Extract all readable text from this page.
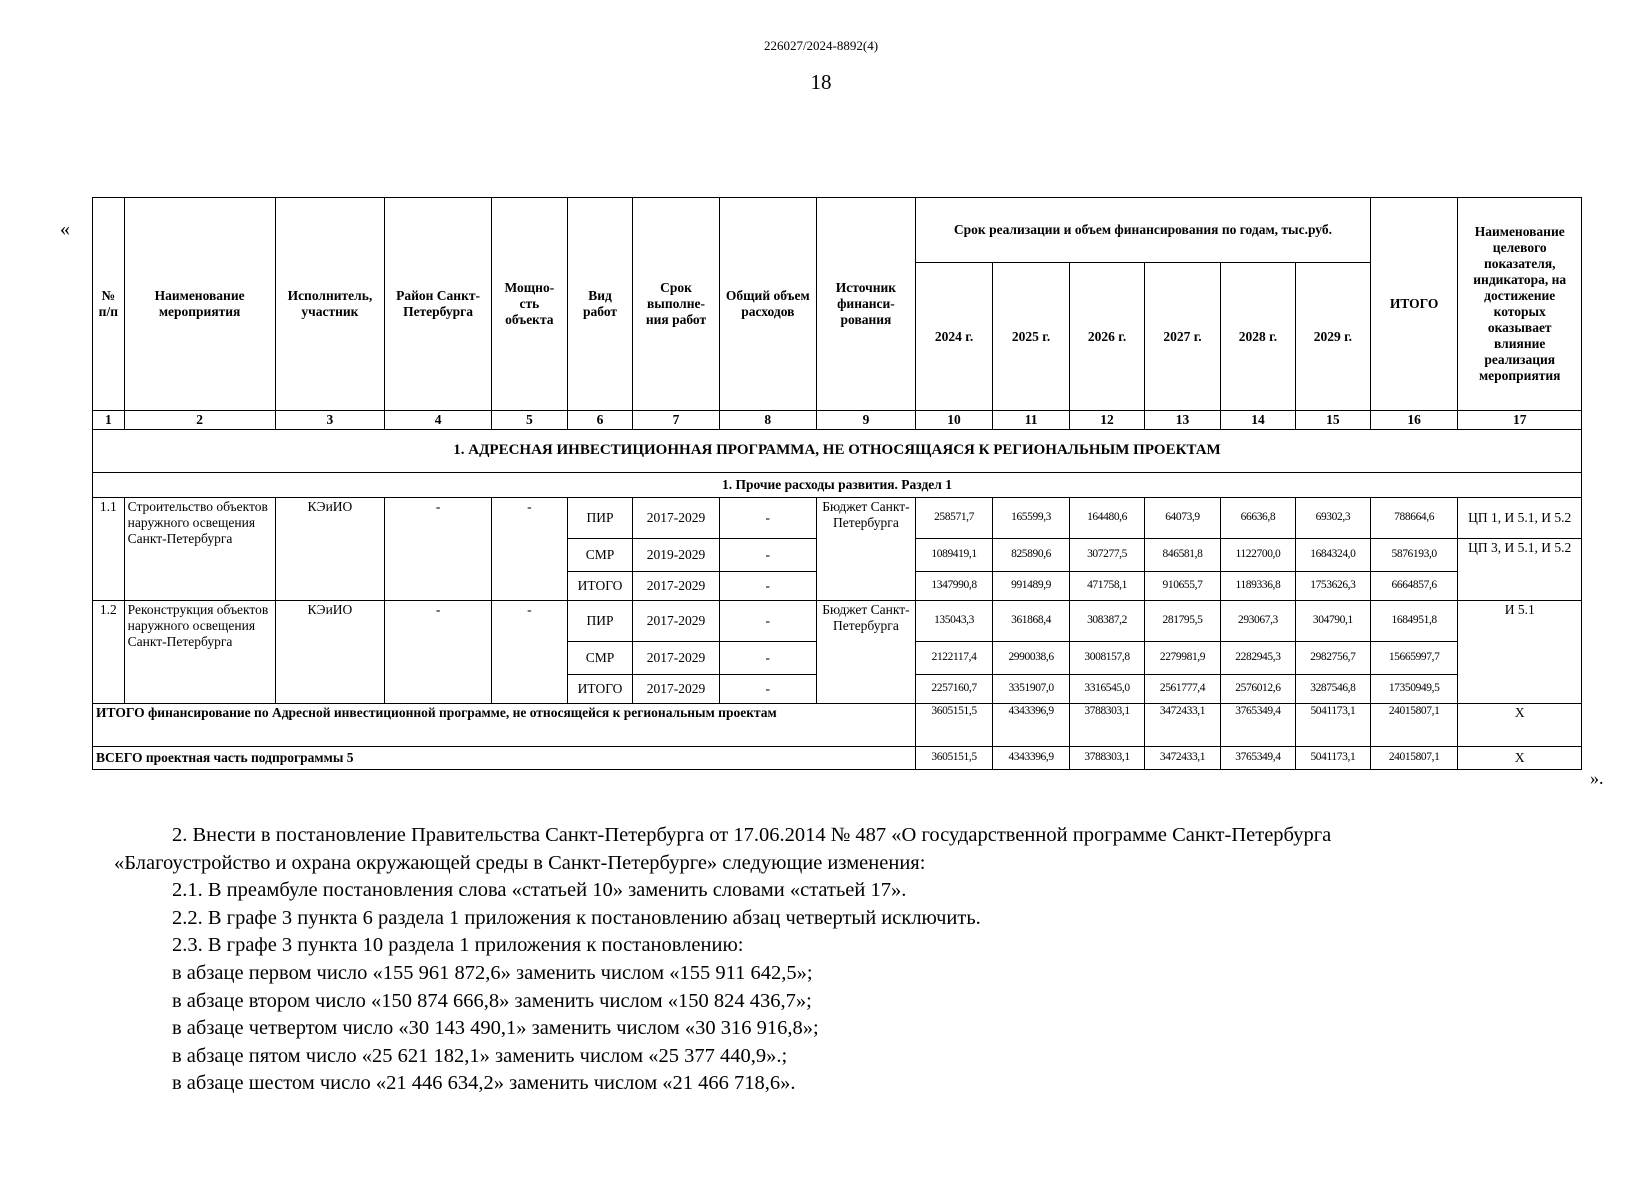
226027/2024-8892(4)
18
«
».
№ п/п	Наименование мероприятия	Исполнитель, участник	Район Санкт-Петербурга	Мощно-сть объекта	Вид работ	Срок выполне-ния работ	Общий объем расходов	Источник финанси-рования	Срок реализации и объем финансирования по годам, тыс.руб.						ИТОГО	Наименование целевого показателя, индикатора, на достижение которых оказывает влияние реализация мероприятия
									2024 г.	2025 г.	2026 г.	2027 г.	2028 г.	2029 г.		
1	2	3	4	5	6	7	8	9	10	11	12	13	14	15	16	17
1. АДРЕСНАЯ ИНВЕСТИЦИОННАЯ ПРОГРАММА, НЕ ОТНОСЯЩАЯСЯ К РЕГИОНАЛЬНЫМ ПРОЕКТАМ																
1. Прочие расходы развития. Раздел 1																
1.1	Строительство объектов наружного освещения Санкт-Петербурга	КЭиИО	-	-	ПИР	2017-2029	-	Бюджет Санкт-Петербурга	258571,7	165599,3	164480,6	64073,9	66636,8	69302,3	788664,6	ЦП 1, И 5.1, И 5.2
					СМР	2019-2029	-		1089419,1	825890,6	307277,5	846581,8	1122700,0	1684324,0	5876193,0	ЦП 3, И 5.1, И 5.2
					ИТОГО	2017-2029	-		1347990,8	991489,9	471758,1	910655,7	1189336,8	1753626,3	6664857,6	
1.2	Реконструкция объектов наружного освещения Санкт-Петербурга	КЭиИО	-	-	ПИР	2017-2029	-	Бюджет Санкт-Петербурга	135043,3	361868,4	308387,2	281795,5	293067,3	304790,1	1684951,8	И 5.1
					СМР	2017-2029	-		2122117,4	2990038,6	3008157,8	2279981,9	2282945,3	2982756,7	15665997,7	
					ИТОГО	2017-2029	-		2257160,7	3351907,0	3316545,0	2561777,4	2576012,6	3287546,8	17350949,5	
ИТОГО финансирование по Адресной инвестиционной программе, не относящейся к региональным проектам									3605151,5	4343396,9	3788303,1	3472433,1	3765349,4	5041173,1	24015807,1	Х
ВСЕГО проектная часть подпрограммы 5									3605151,5	4343396,9	3788303,1	3472433,1	3765349,4	5041173,1	24015807,1	Х

2. Внести в постановление Правительства Санкт-Петербурга от 17.06.2014 № 487 «О государственной программе Санкт-Петербурга

«Благоустройство и охрана окружающей среды в Санкт-Петербурге» следующие изменения:

2.1. В преамбуле постановления слова «статьей 10» заменить словами «статьей 17».

2.2. В графе 3 пункта 6 раздела 1 приложения к постановлению абзац четвертый исключить.

2.3. В графе 3 пункта 10 раздела 1 приложения к постановлению:

в абзаце первом число «155 961 872,6» заменить числом «155 911 642,5»;

в абзаце втором число «150 874 666,8» заменить числом «150 824 436,7»;

в абзаце четвертом число «30 143 490,1» заменить числом «30 316 916,8»;

в абзаце пятом число «25 621 182,1» заменить числом «25 377 440,9».;

в абзаце шестом число «21 446 634,2» заменить числом «21 466 718,6».
